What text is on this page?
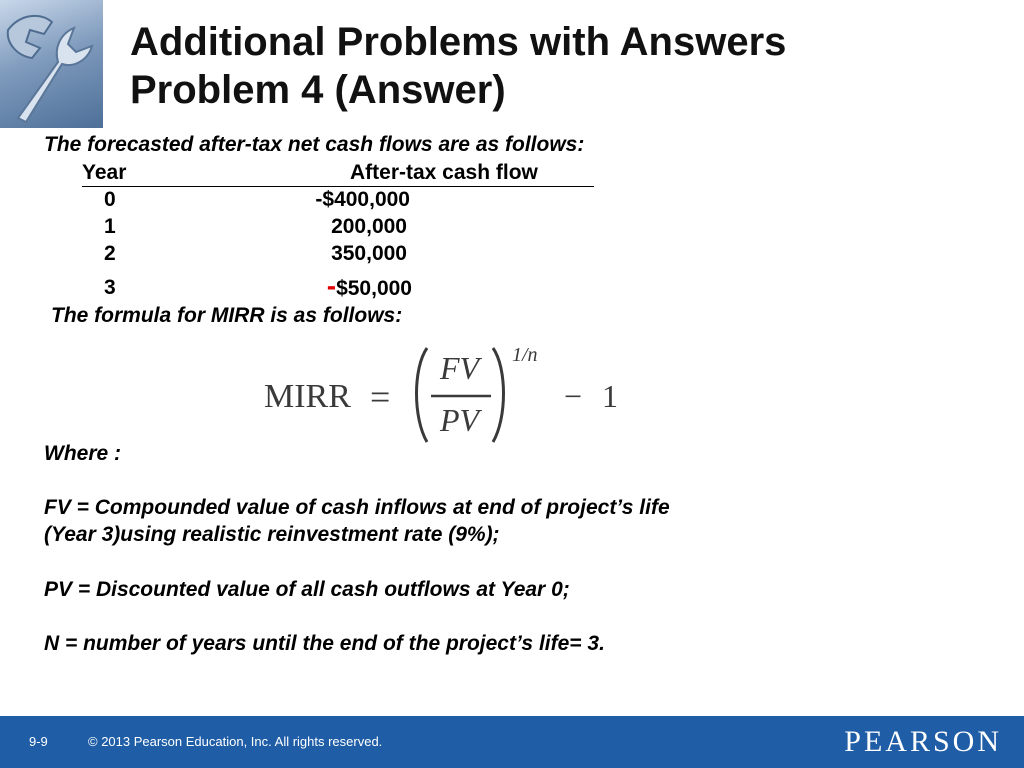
Additional Problems with Answers
Problem 4 (Answer)

The forecasted after-tax net cash flows are as follows:

Year	After-tax cash flow
0	-$400,000
1	200,000
2	350,000
3	-$50,000

The formula for MIRR is as follows:

MIRR =
FV
PV
1/n
− 1

Where :

FV = Compounded value of cash inflows at end of project’s life

(Year 3)using realistic reinvestment rate (9%);

PV = Discounted value of all cash outflows at Year 0;

N = number of years until the end of the project’s life= 3.

9-9	© 2013 Pearson Education, Inc. All rights reserved.	PEARSON
